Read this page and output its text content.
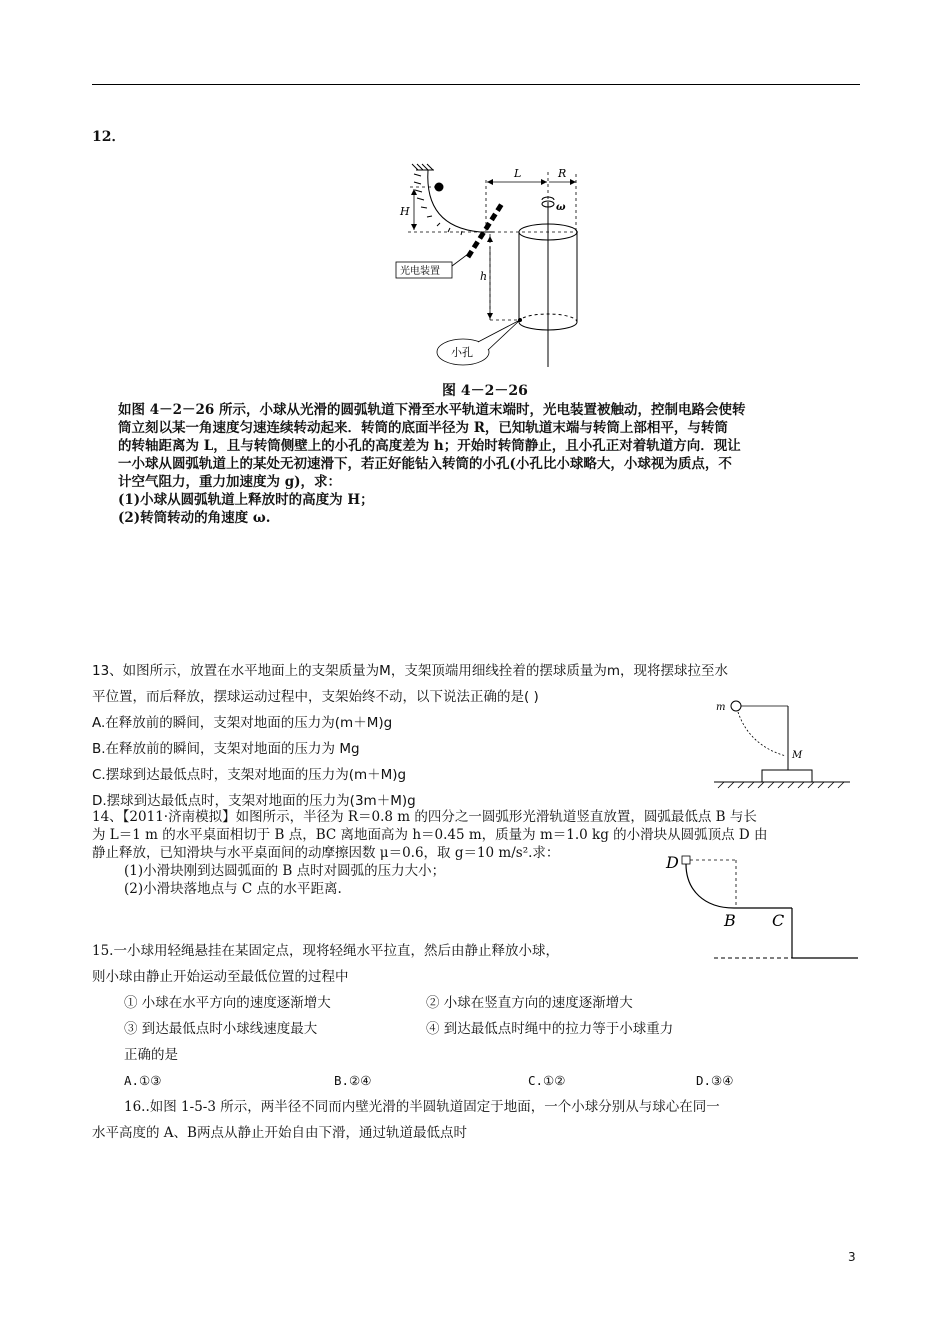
12．
H
L	R
ω
h
光电装置
小孔
图 4－2－26
如图 4－2－26 所示，小球从光滑的圆弧轨道下滑至水平轨道末端时，光电装置被触动，控制电路会使转
筒立刻以某一角速度匀速连续转动起来．转筒的底面半径为 R，已知轨道末端与转筒上部相平，与转筒
的转轴距离为 L，且与转筒侧壁上的小孔的高度差为 h；开始时转筒静止，且小孔正对着轨道方向．现让
一小球从圆弧轨道上的某处无初速滑下，若正好能钻入转筒的小孔(小孔比小球略大，小球视为质点，不
计空气阻力，重力加速度为 g)，求：
(1)小球从圆弧轨道上释放时的高度为 H；
(2)转筒转动的角速度 ω.
13、如图所示，放置在水平地面上的支架质量为M，支架顶端用细线拴着的摆球质量为m，现将摆球拉至水
平位置，而后释放，摆球运动过程中，支架始终不动，以下说法正确的是( )
A.在释放前的瞬间，支架对地面的压力为(m＋M)g
B.在释放前的瞬间，支架对地面的压力为 Mg
C.摆球到达最低点时，支架对地面的压力为(m＋M)g
D.摆球到达最低点时，支架对地面的压力为(3m＋M)g
m
M
14、【2011·济南模拟】如图所示，半径为 R＝0.8 m 的四分之一圆弧形光滑轨道竖直放置，圆弧最低点 B 与长
为 L＝1 m 的水平桌面相切于 B 点，BC 离地面高为 h＝0.45 m，质量为 m＝1.0 kg 的小滑块从圆弧顶点 D 由
静止释放，已知滑块与水平桌面间的动摩擦因数 μ＝0.6，取 g＝10 m/s².求：
(1)小滑块刚到达圆弧面的 B 点时对圆弧的压力大小；
(2)小滑块落地点与 C 点的水平距离.
D
B C
15.一小球用轻绳悬挂在某固定点，现将轻绳水平拉直，然后由静止释放小球，
则小球由静止开始运动至最低位置的过程中
① 小球在水平方向的速度逐渐增大	② 小球在竖直方向的速度逐渐增大
③ 到达最低点时小球线速度最大	④ 到达最低点时绳中的拉力等于小球重力
正确的是
A.①③	B.②④	C.①②	D.③④
16..如图 1-5-3 所示，两半径不同而内壁光滑的半圆轨道固定于地面，一个小球分别从与球心在同一
水平高度的 A、B两点从静止开始自由下滑，通过轨道最低点时
3
